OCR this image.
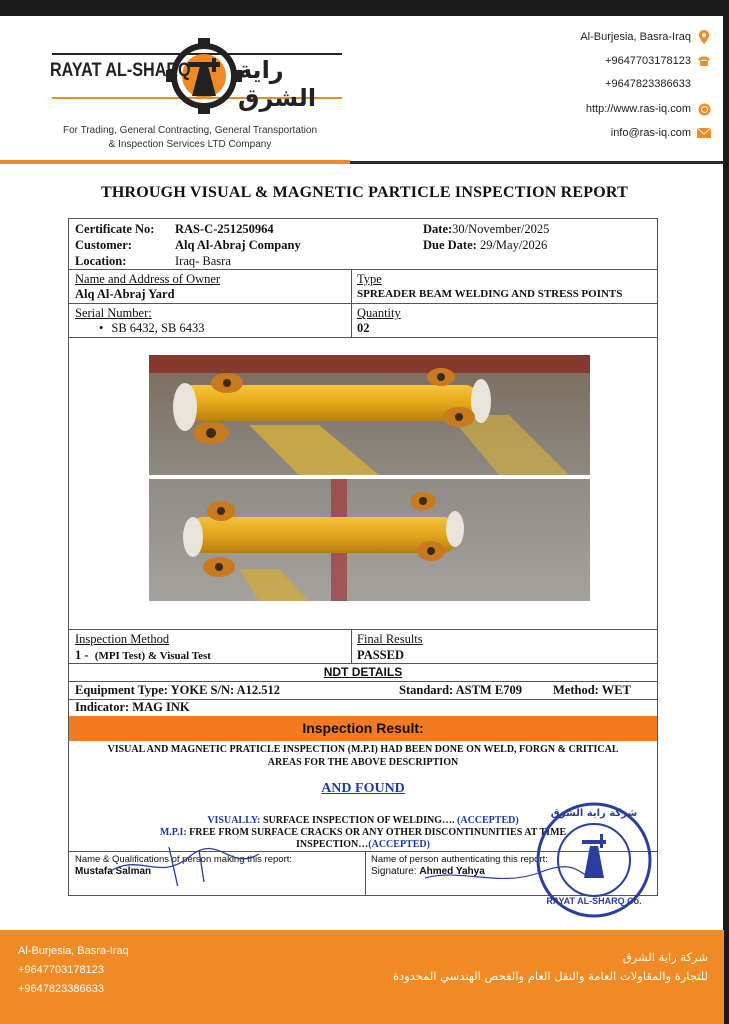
RAYAT AL-SHARQ راية الشرق
For Trading, General Contracting, General Transportation
& Inspection Services LTD Company
Al-Burjesia, Basra-Iraq
+9647703178123
+9647823386633
http://www.ras-iq.com
info@ras-iq.com
THROUGH VISUAL & MAGNETIC PARTICLE INSPECTION REPORT
Certificate No: RAS-C-251250964
Customer:	Alq Al-Abraj Company
Location:	Iraq- Basra
Date:30/November/2025
Due Date: 29/May/2026
Name and Address of Owner
Alq Al-Abraj Yard
Type
SPREADER BEAM WELDING AND STRESS POINTS
Serial Number:
• SB 6432, SB 6433
Quantity
02
Inspection Method
1 - (MPI Test) & Visual Test
Final Results
PASSED
NDT DETAILS
Equipment Type: YOKE S/N: A12.512	Standard: ASTM E709 Method: WET
Indicator: MAG INK
Inspection Result:
VISUAL AND MAGNETIC PRATICLE INSPECTION (M.P.I) HAD BEEN DONE ON WELD, FORGN & CRITICAL
AREAS FOR THE ABOVE DESCRIPTION
AND FOUND
VISUALLY: SURFACE INSPECTION OF WELDING…. (ACCEPTED)
M.P.I: FREE FROM SURFACE CRACKS OR ANY OTHER DISCONTINUNITIES AT TIME
INSPECTION…(ACCEPTED)
Name & Qualifications of person making this report:
Mustafa Salman
Name of person authenticating this report:
Signature: Ahmed Yahya
شركة راية الشرق
RAYAT AL-SHARQ Co.
Al-Burjesia, Basra-Iraq
+9647703178123
+9647823386633
شركة راية الشرق
للتجارة والمقاولات العامة والنقل العام والفحص الهندسي المحدودة
